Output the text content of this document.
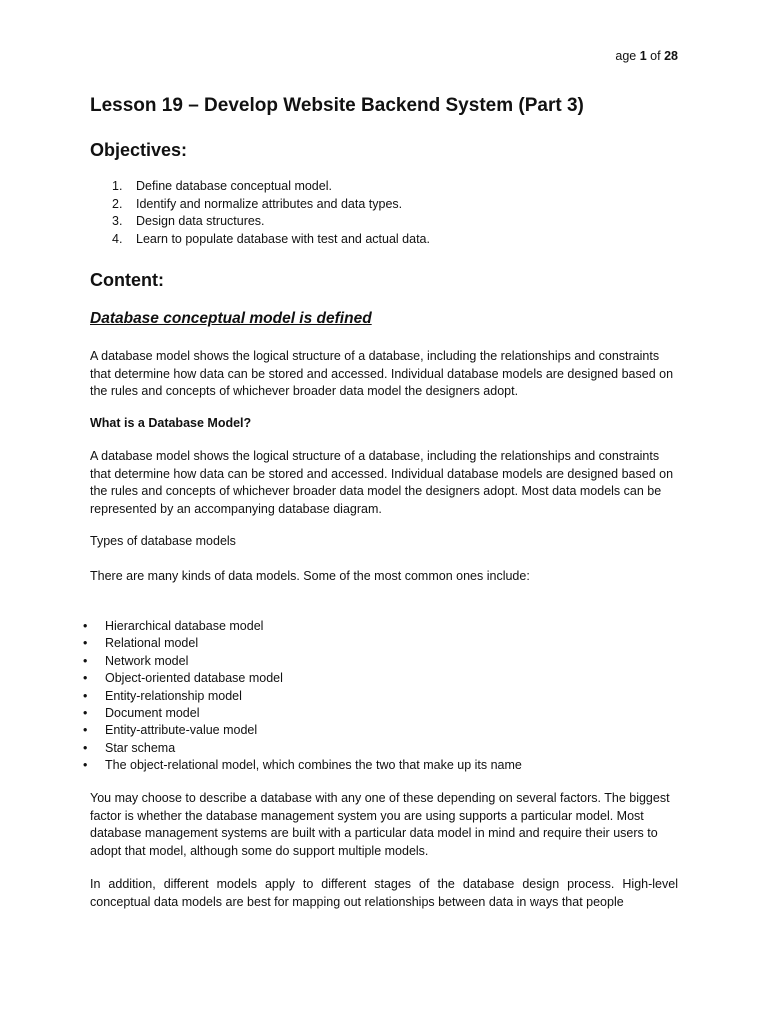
age 1 of 28
Lesson 19 – Develop Website Backend System (Part 3)
Objectives:
1. Define database conceptual model.
2. Identify and normalize attributes and data types.
3. Design data structures.
4. Learn to populate database with test and actual data.
Content:
Database conceptual model is defined

A database model shows the logical structure of a database, including the relationships and constraints that determine how data can be stored and accessed. Individual database models are designed based on the rules and concepts of whichever broader data model the designers adopt.

What is a Database Model?

A database model shows the logical structure of a database, including the relationships and constraints that determine how data can be stored and accessed. Individual database models are designed based on the rules and concepts of whichever broader data model the designers adopt. Most data models can be represented by an accompanying database diagram.

Types of database models

There are many kinds of data models. Some of the most common ones include:

• Hierarchical database model
• Relational model
• Network model
• Object-oriented database model
• Entity-relationship model
• Document model
• Entity-attribute-value model
• Star schema
• The object-relational model, which combines the two that make up its name

You may choose to describe a database with any one of these depending on several factors. The biggest factor is whether the database management system you are using supports a particular model. Most database management systems are built with a particular data model in mind and require their users to adopt that model, although some do support multiple models.

In addition, different models apply to different stages of the database design process. High-level conceptual data models are best for mapping out relationships between data in ways that people
